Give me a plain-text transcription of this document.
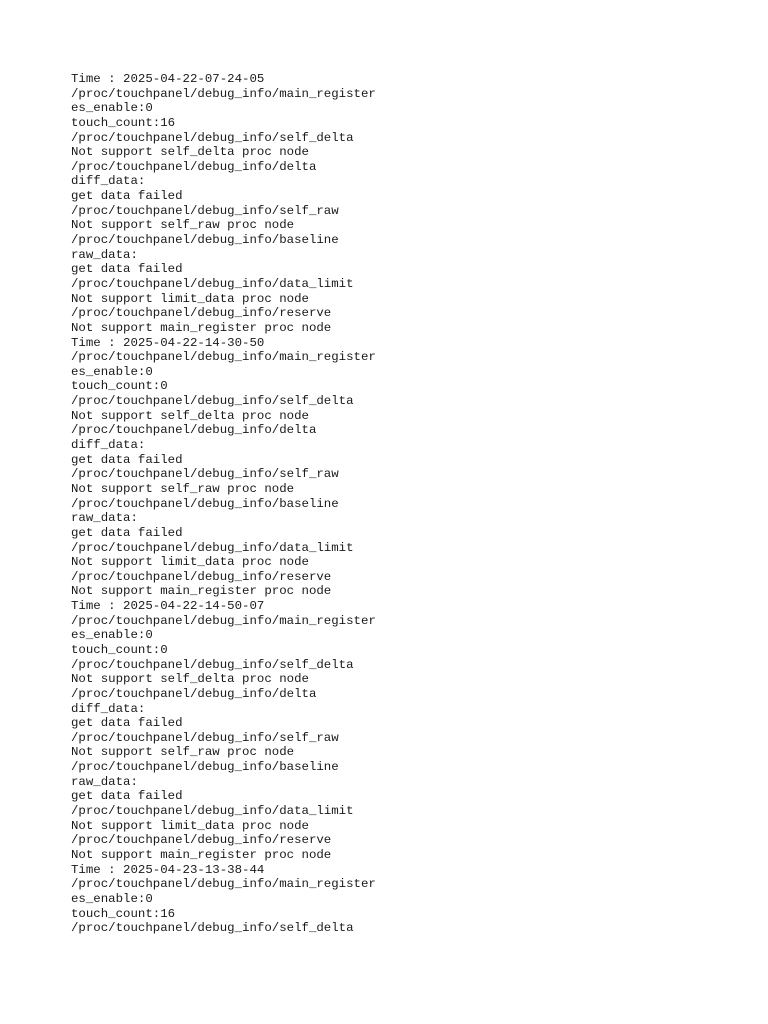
Time : 2025-04-22-07-24-05
/proc/touchpanel/debug_info/main_register
es_enable:0
touch_count:16
/proc/touchpanel/debug_info/self_delta
Not support self_delta proc node
/proc/touchpanel/debug_info/delta
diff_data:
get data failed
/proc/touchpanel/debug_info/self_raw
Not support self_raw proc node
/proc/touchpanel/debug_info/baseline
raw_data:
get data failed
/proc/touchpanel/debug_info/data_limit
Not support limit_data proc node
/proc/touchpanel/debug_info/reserve
Not support main_register proc node
Time : 2025-04-22-14-30-50
/proc/touchpanel/debug_info/main_register
es_enable:0
touch_count:0
/proc/touchpanel/debug_info/self_delta
Not support self_delta proc node
/proc/touchpanel/debug_info/delta
diff_data:
get data failed
/proc/touchpanel/debug_info/self_raw
Not support self_raw proc node
/proc/touchpanel/debug_info/baseline
raw_data:
get data failed
/proc/touchpanel/debug_info/data_limit
Not support limit_data proc node
/proc/touchpanel/debug_info/reserve
Not support main_register proc node
Time : 2025-04-22-14-50-07
/proc/touchpanel/debug_info/main_register
es_enable:0
touch_count:0
/proc/touchpanel/debug_info/self_delta
Not support self_delta proc node
/proc/touchpanel/debug_info/delta
diff_data:
get data failed
/proc/touchpanel/debug_info/self_raw
Not support self_raw proc node
/proc/touchpanel/debug_info/baseline
raw_data:
get data failed
/proc/touchpanel/debug_info/data_limit
Not support limit_data proc node
/proc/touchpanel/debug_info/reserve
Not support main_register proc node
Time : 2025-04-23-13-38-44
/proc/touchpanel/debug_info/main_register
es_enable:0
touch_count:16
/proc/touchpanel/debug_info/self_delta
